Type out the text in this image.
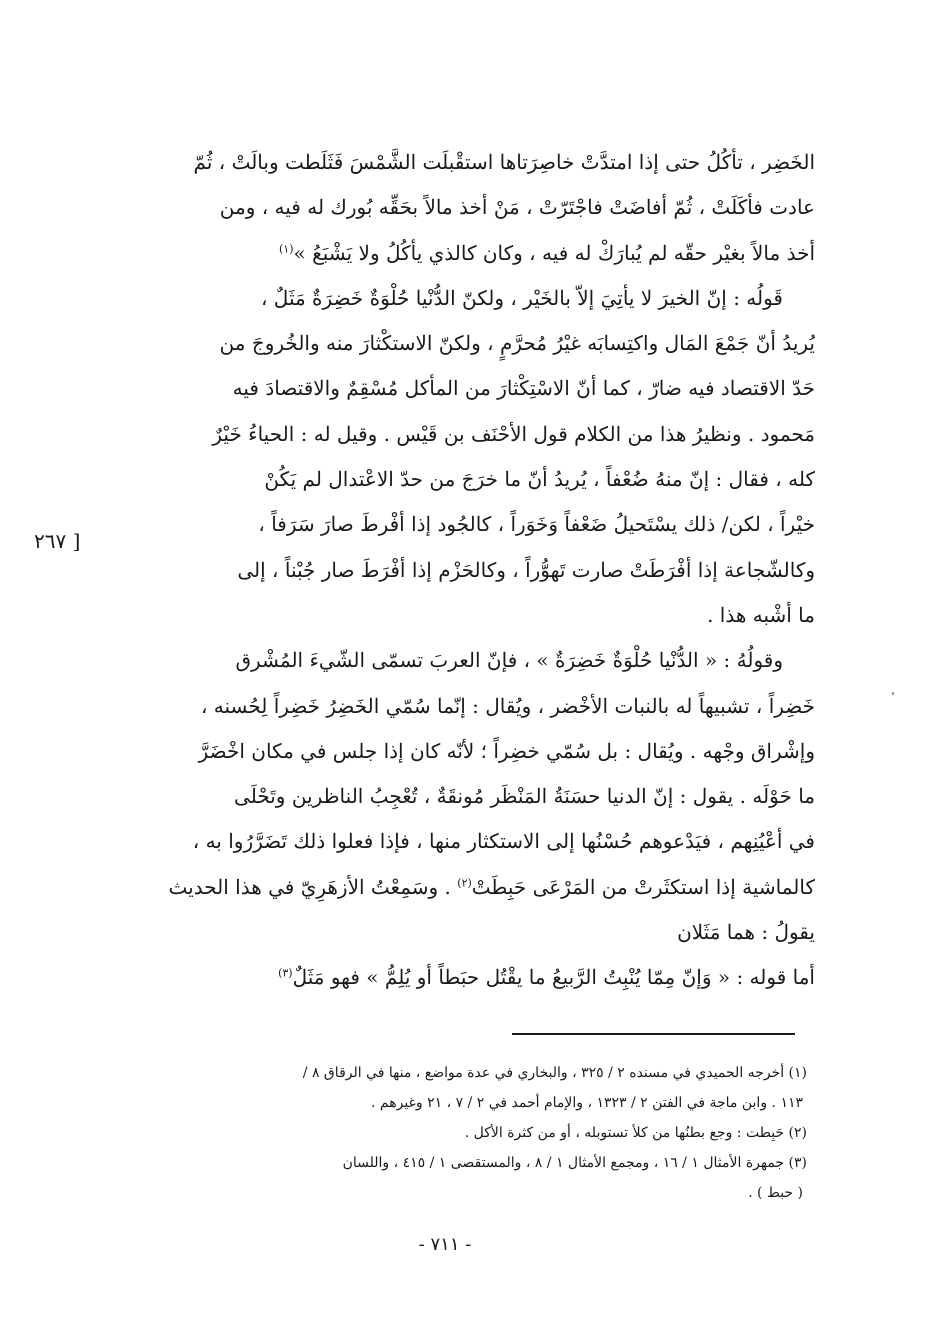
الخَضِر ، تأكُلُ حتى إذا امتدَّتْ خاصِرَتاها استقْبلَت الشَّمْسَ فَثَلَطت وبالَتْ ، ثُمّ
عادت فأكَلَتْ ، ثُمّ أفاضَتْ فاجْتَرّتْ ، مَنْ أخذ مالاً بحَقِّه بُورك له فيه ، ومن
أخذ مالاً بغيْر حقّه لم يُبارَكْ له فيه ، وكان كالذي يأكُلُ ولا يَشْبَعُ »$^{(١)}$
قَولُه : إنّ الخيرَ لا يأتِيَ إلاّ بالخَيْر ، ولكنّ الدُّنْيا حُلْوَةٌ خَضِرَةٌ مَثَلٌ ،
يُريدُ أنّ جَمْعَ المَال واكتِسابَه غيْرُ مُحرَّمٍ ، ولكنّ الاستكْثارَ منه والخُروجَ من
حَدّ الاقتصاد فيه ضارّ ، كما أنّ الاسْتِكْثارَ من المأكل مُسْقِمٌ والاقتصادَ فيه
مَحمود . ونظيرُ هذا من الكلام قول الأحْنَف بن قَيْس . وقيل له : الحياءُ خَيْرٌ
كله ، فقال : إنّ منهُ ضُعْفاً ، يُريدُ أنّ ما خرَجَ من حدّ الاعْتدال لم يَكُنْ
خيْراً ، لكن/ ذلك يسْتَحيلُ ضَعْفاً وَخَوَراً ، كالجُود إذا أفْرطَ صارَ سَرَفاً ،
وكالشّجاعة إذا أفْرَطَتْ صارت تَهوُّراً ، وكالحَزْم إذا أفْرَطَ صار جُبْناً ، إلى
ما أشْبه هذا .
وقولُهُ : « الدُّنْيا حُلْوَةٌ خَضِرَةٌ » ، فإنّ العربَ تسمّى الشّيءَ المُشْرق
خَضِراً ، تشبيهاً له بالنبات الأخْضر ، ويُقال : إنّما سُمّي الخَضِرُ خَضِراً لِحُسنه ،
وإشْراق وجْهه . ويُقال : بل سُمّي خضِراً ؛ لأنّه كان إذا جلس في مكان اخْضَرَّ
ما حَوْلَه . يقول : إنّ الدنيا حسَنَةُ المَنْظَر مُونقَةٌ ، تُعْجِبُ الناظرين وتَحْلَى
في أعْيُنِهم ، فيَدْعوهم حُسْنُها إلى الاستكثار منها ، فإذا فعلوا ذلك تَضَرَّرُوا به ،
كالماشية إذا استكثَرتْ من المَرْعَى حَبِطَتْ$^{(٢)}$ . وسَمِعْتُ الأزهَرِيّ في هذا الحديث
يقولُ : هما مَثَلان
أما قوله : « وَإنّ مِمّا يُنْبِتُ الرَّبيعُ ما يقْتُل حبَطاً أو يُلِمُّ » فهو مَثَلٌ$^{(٣)}$
[ ٢٦٧
(١) أخرجه الحميدي في مسنده ٢ / ٣٢٥ ، والبخاري في عدة مواضع ، منها في الرقاق ٨ /
١١٣ . وابن ماجة في الفتن ٢ / ١٣٢٣ ، والإمام أحمد في ٢ / ٧ ، ٢١ وغيرهم .
(٢) حَبِطت : وجع بطنُها من كلأ تستوبله ، أو من كثرة الأكل .
(٣) جمهرة الأمثال ١ / ١٦ ، ومجمع الأمثال ١ / ٨ ، والمستقصى ١ / ٤١٥ ، واللسان
( حبط ) .
- ٧١١ -
